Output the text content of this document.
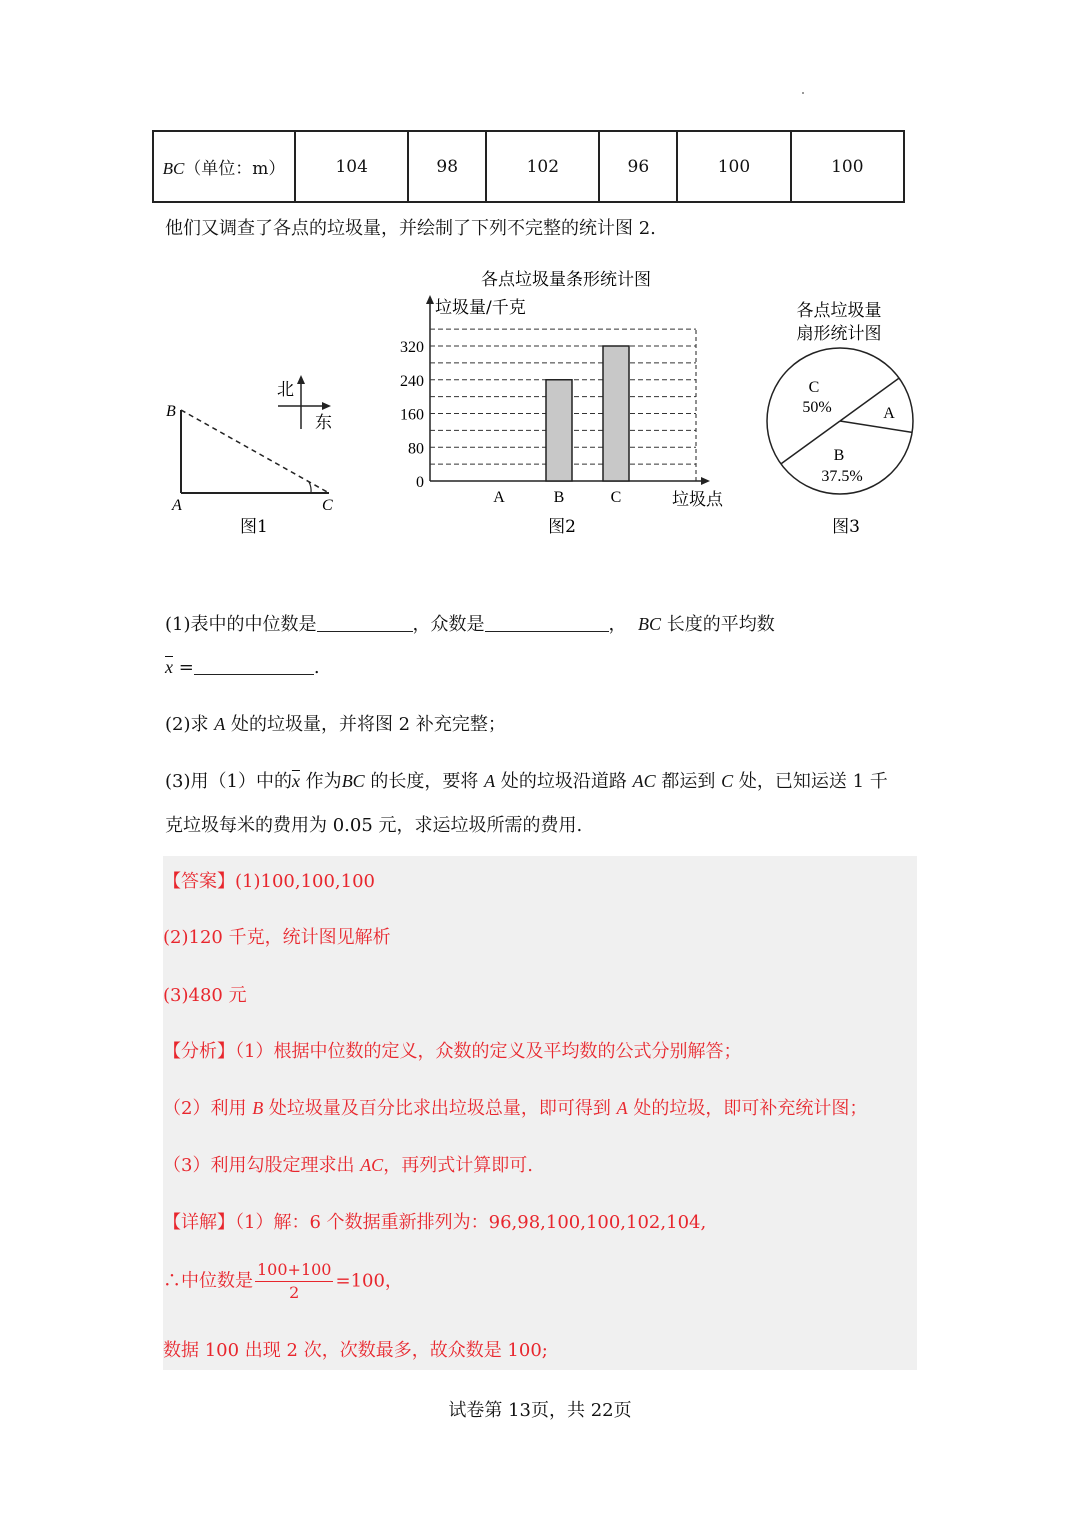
BC（单位：m）	104	98	102	96	100	100
他们又调查了各点的垃圾量，并绘制了下列不完整的统计图 2.
B
A	C
北
东
图1
各点垃圾量条形统计图
垃圾量/千克
垃圾点
图2
0
80
160
240
320
A	B	C
各点垃圾量
扇形统计图
图3
C
50%	A
B
37.5%
(1)表中的中位数是	，众数是	， BC 长度的平均数
$\overline{x}$ =	.
(2)求 A 处的垃圾量，并将图 2 补充完整；
(3)用（1）中的$\overline{x}$ 作为BC 的长度，要将 A 处的垃圾沿道路 AC 都运到 C 处，已知运送 1 千
克垃圾每米的费用为 0.05 元，求运垃圾所需的费用.
【答案】(1)100,100,100
(2)120 千克，统计图见解析
(3)480 元
【分析】（1）根据中位数的定义，众数的定义及平均数的公式分别解答；
（2）利用 B 处垃圾量及百分比求出垃圾总量，即可得到 A 处的垃圾，即可补充统计图；
（3）利用勾股定理求出 AC，再列式计算即可.
【详解】（1）解：6 个数据重新排列为：96,98,100,100,102,104,
∴中位数是 $\frac{100+100}{2} =100$，
数据 100 出现 2 次，次数最多，故众数是 100;
试卷第 13页，共 22页
